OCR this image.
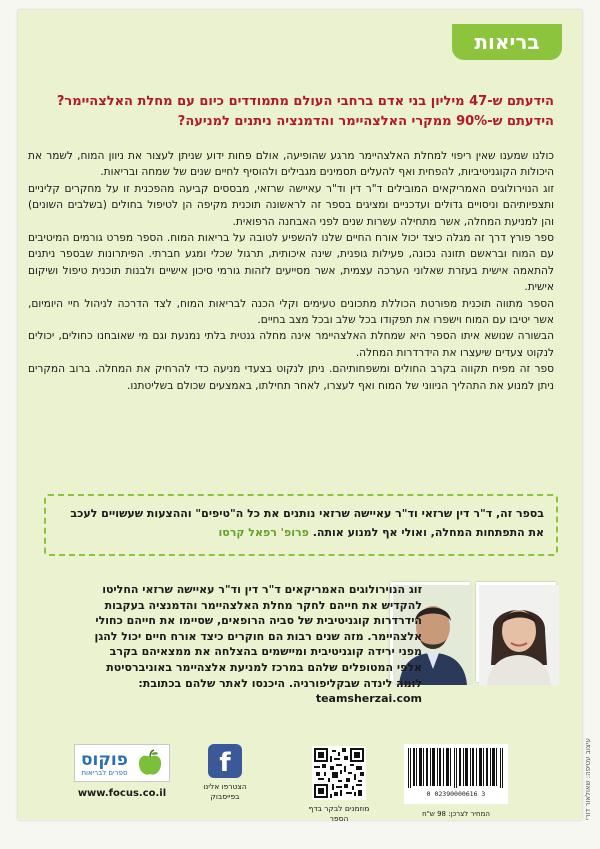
בריאות
הידעתם ש-47 מיליון בני אדם ברחבי העולם מתמודדים כיום עם מחלת האלצהיימר?
הידעתם ש-90% ממקרי האלצהיימר והדמנציה ניתנים למניעה?

כולנו שמענו שאין ריפוי למחלת האלצהיימר מרגע שהופיעה, אולם פחות ידוע שניתן לעצור את ניוון המוח, לשמר את היכולות הקוגניטיביות, להפחית ואף להעלים תסמינים מגבילים ולהוסיף לחיים שנים של שמחה ובריאות.

זוג הנוירולוגים האמריקאים המובילים ד"ר דין וד"ר עאיישה שרזאי, מבססים קביעה מהפכנית זו על מחקרים קליניים ותצפיותיהם וניסויים גדולים ועדכניים ומציגים בספר זה לראשונה תוכנית מקיפה הן לטיפול בחולים (בשלבים השונים) והן למניעת המחלה, אשר מתחילה עשרות שנים לפני האבחנה הרפואית.

ספר פורץ דרך זה מגלה כיצד יכול אורח החיים שלנו להשפיע לטובה על בריאות המוח. הספר מפרט גורמים המיטיבים עם המוח ובראשם תזונה נכונה, פעילות גופנית, שינה איכותית, תרגול שכלי ומגע חברתי. הפיתרונות שבספר ניתנים להתאמה אישית בעזרת שאלוני הערכה עצמית, אשר מסייעים לזהות גורמי סיכון אישיים ולבנות תוכנית טיפול ושיקום אישית.

הספר מתווה תוכנית מפורטת הכוללת מתכונים טעימים וקלי הכנה לבריאות המוח, לצד הדרכה לניהול חיי היומיום, אשר יטיבו עם המוח וישפרו את תפקודו בכל שלב ובכל מצב בחיים.

הבשורה שנושא איתו הספר היא שמחלת האלצהיימר אינה מחלה גנטית בלתי נמנעת וגם מי שאובחנו כחולים, יכולים לנקוט צעדים שיעצרו את הידרדרות המחלה.

ספר זה מפיח תקווה בקרב החולים ומשפחותיהם. ניתן לנקוט בצעדי מניעה כדי להרחיק את המחלה. ברוב המקרים ניתן למנוע את התהליך הניווני של המוח ואף לעצרו, לאחר תחילתו, באמצעים שכולם בשליטתנו.

בספר זה, ד"ר דין שרזאי וד"ר עאיישה שרזאי נותנים את כל ה"טיפים" וההצעות שעשויים לעכב את התפתחות המחלה, ואולי אף למנוע אותה. פרופ' רפאל קרסו
זוג הנוירולוגים האמריקאים ד"ר דין וד"ר עאיישה שרזאי החליטו להקדיש את חייהם לחקר מחלת האלצהיימר והדמנציה בעקבות הידרדרות קוגניטיבית של סביה הרופאים, שסיימו את חייהם כחולי אלצהיימר. מזה שנים רבות הם חוקרים כיצד אורח חיים יכול להגן מפני ירידה קוגניטיבית ומיישמים בהצלחה את ממצאיהם בקרב אלפי המטופלים שלהם במרכז למניעת אלצהיימר באוניברסיטת לומה לינדה שבקליפורניה. היכנסו לאתר שלהם בכתובת: teamsherzai.com
עיצוב עטיפה: שאולאור דורי
פוקוס
ספרים לבריאות
www.focus.co.il
f
הצטרפו אלינו בפייסבוק
מוזמנים לבקר בדף הספר
0 02390000616 3
המחיר לצרכן: 98 ש"ח
